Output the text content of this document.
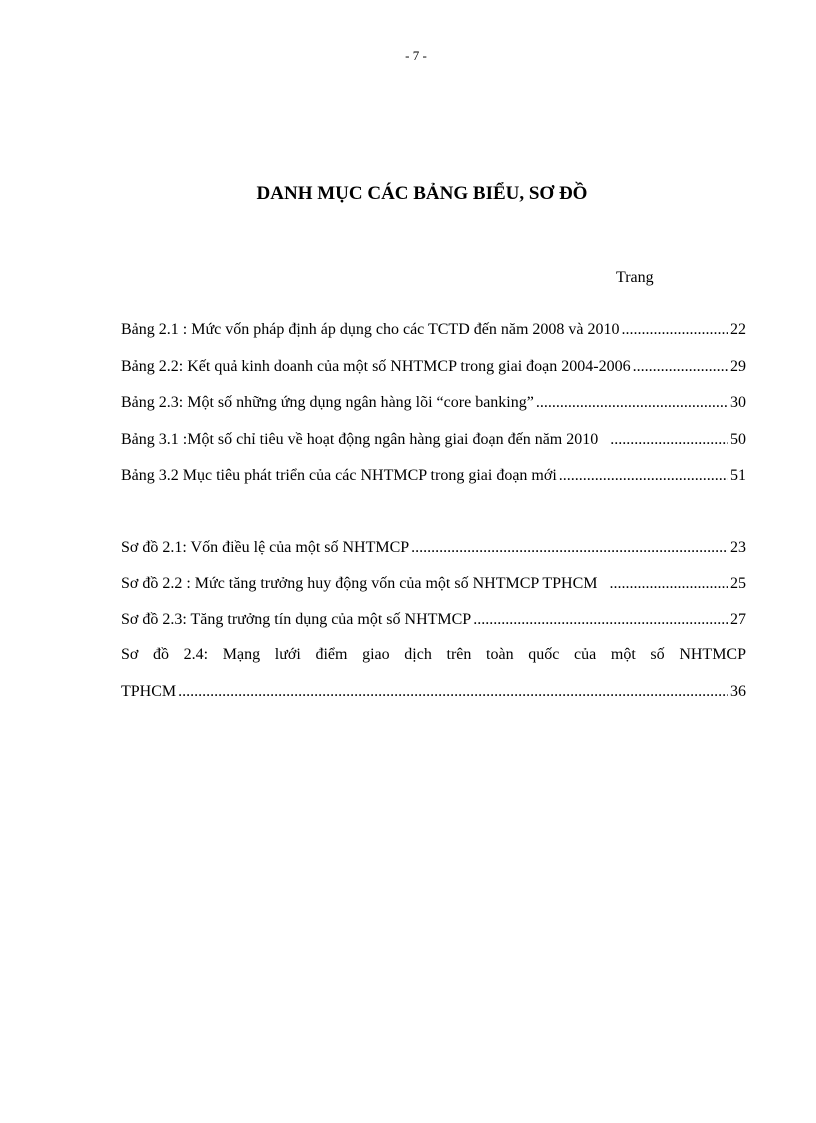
- 7 -
DANH MỤC CÁC BẢNG BIỂU, SƠ ĐỒ
Trang
Bảng 2.1 : Mức vốn pháp định áp dụng cho các TCTD đến năm 2008 và 2010 .....	22
Bảng 2.2: Kết quả kinh doanh của một số NHTMCP trong giai đoạn 2004-2006 .....	29
Bảng 2.3: Một số những ứng dụng ngân hàng lõi “core banking” .....	30
Bảng 3.1 :Một số chỉ tiêu về hoạt động ngân hàng giai đoạn đến năm 2010 .....	50
Bảng 3.2 Mục tiêu phát triển của các NHTMCP trong giai đoạn mới .....	51
Sơ đồ 2.1: Vốn điều lệ của một số NHTMCP .....	23
Sơ đồ 2.2 : Mức tăng trưởng huy động vốn của một số NHTMCP TPHCM .....	25
Sơ đồ 2.3: Tăng trưởng tín dụng của một số NHTMCP .....	27
Sơ đồ 2.4: Mạng lưới điểm giao dịch trên toàn quốc của một số NHTMCP
TPHCM .....	36
